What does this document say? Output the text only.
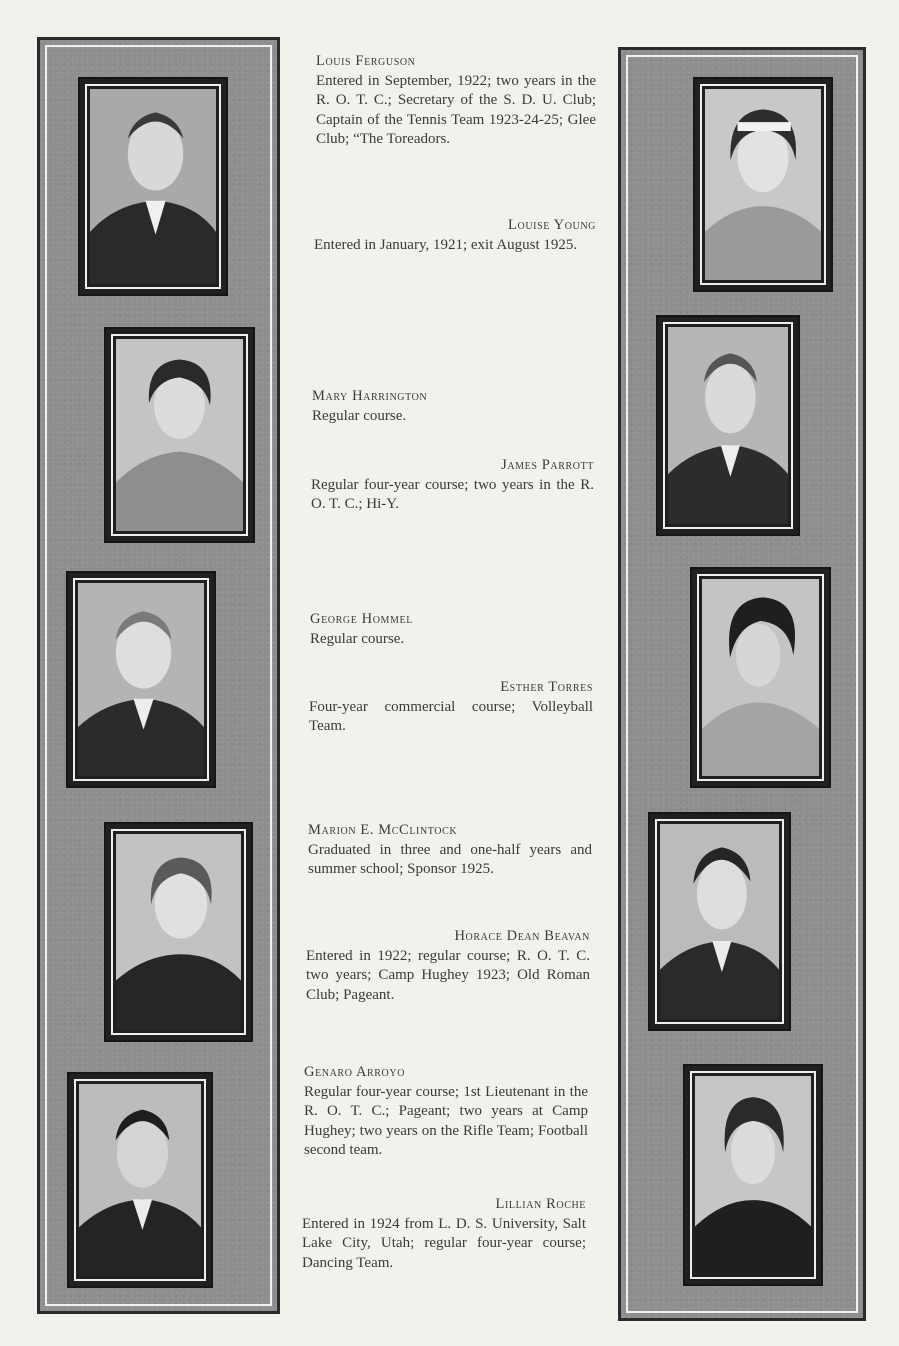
Louis Ferguson
Entered in September, 1922; two years in the R. O. T. C.; Secretary of the S. D. U. Club; Captain of the Tennis Team 1923-24-25; Glee Club; “The Toreadors.
Louise Young
Entered in January, 1921; exit August 1925.
Mary Harrington
Regular course.
James Parrott
Regular four-year course; two years in the R. O. T. C.; Hi-Y.
George Hommel
Regular course.
Esther Torres
Four-year commercial course; Volleyball Team.
Marion E. McClintock
Graduated in three and one-half years and summer school; Sponsor 1925.
Horace Dean Beavan
Entered in 1922; regular course; R. O. T. C. two years; Camp Hughey 1923; Old Roman Club; Pageant.
Genaro Arroyo
Regular four-year course; 1st Lieutenant in the R. O. T. C.; Pageant; two years at Camp Hughey; two years on the Rifle Team; Football second team.
Lillian Roche
Entered in 1924 from L. D. S. University, Salt Lake City, Utah; regular four-year course; Dancing Team.
